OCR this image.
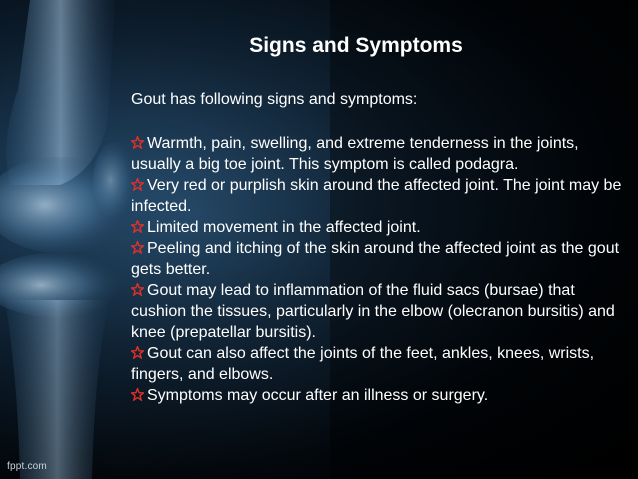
Signs and Symptoms

Gout has following signs and symptoms:

Warmth, pain, swelling, and extreme tenderness in the joints, usually a big toe joint. This symptom is called podagra.
Very red or purplish skin around the affected joint. The joint may be infected.
Limited movement in the affected joint.
Peeling and itching of the skin around the affected joint as the gout gets better.
Gout may lead to inflammation of the fluid sacs (bursae) that cushion the tissues, particularly in the elbow (olecranon bursitis) and knee (prepatellar bursitis).
Gout can also affect the joints of the feet, ankles, knees, wrists, fingers, and elbows.
Symptoms may occur after an illness or surgery.
fppt.com
